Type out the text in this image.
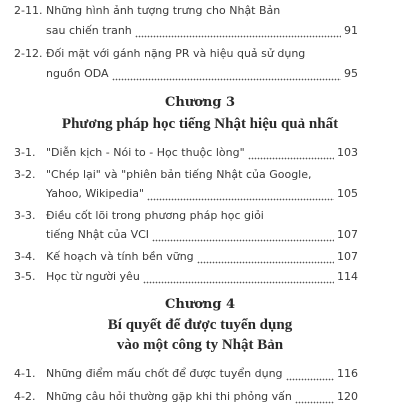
2-11. Những hình ảnh tượng trưng cho Nhật Bản
sau chiến tranh	91
2-12. Đối mặt với gánh nặng PR và hiệu quả sử dụng
nguồn ODA	95
Chương 3
Phương pháp học tiếng Nhật hiệu quả nhất
3-1. "Diễn kịch - Nói to - Học thuộc lòng"	103
3-2. "Chép lại" và "phiên bản tiếng Nhật của Google,
Yahoo, Wikipedia"	105
3-3. Điều cốt lõi trong phương pháp học giỏi
tiếng Nhật của VCI	107
3-4. Kế hoạch và tính bền vững	107
3-5. Học từ người yêu	114
Chương 4
Bí quyết để được tuyển dụng
vào một công ty Nhật Bản
4-1. Những điểm mấu chốt để được tuyển dụng	116
4-2. Những câu hỏi thường gặp khi thi phỏng vấn	120
